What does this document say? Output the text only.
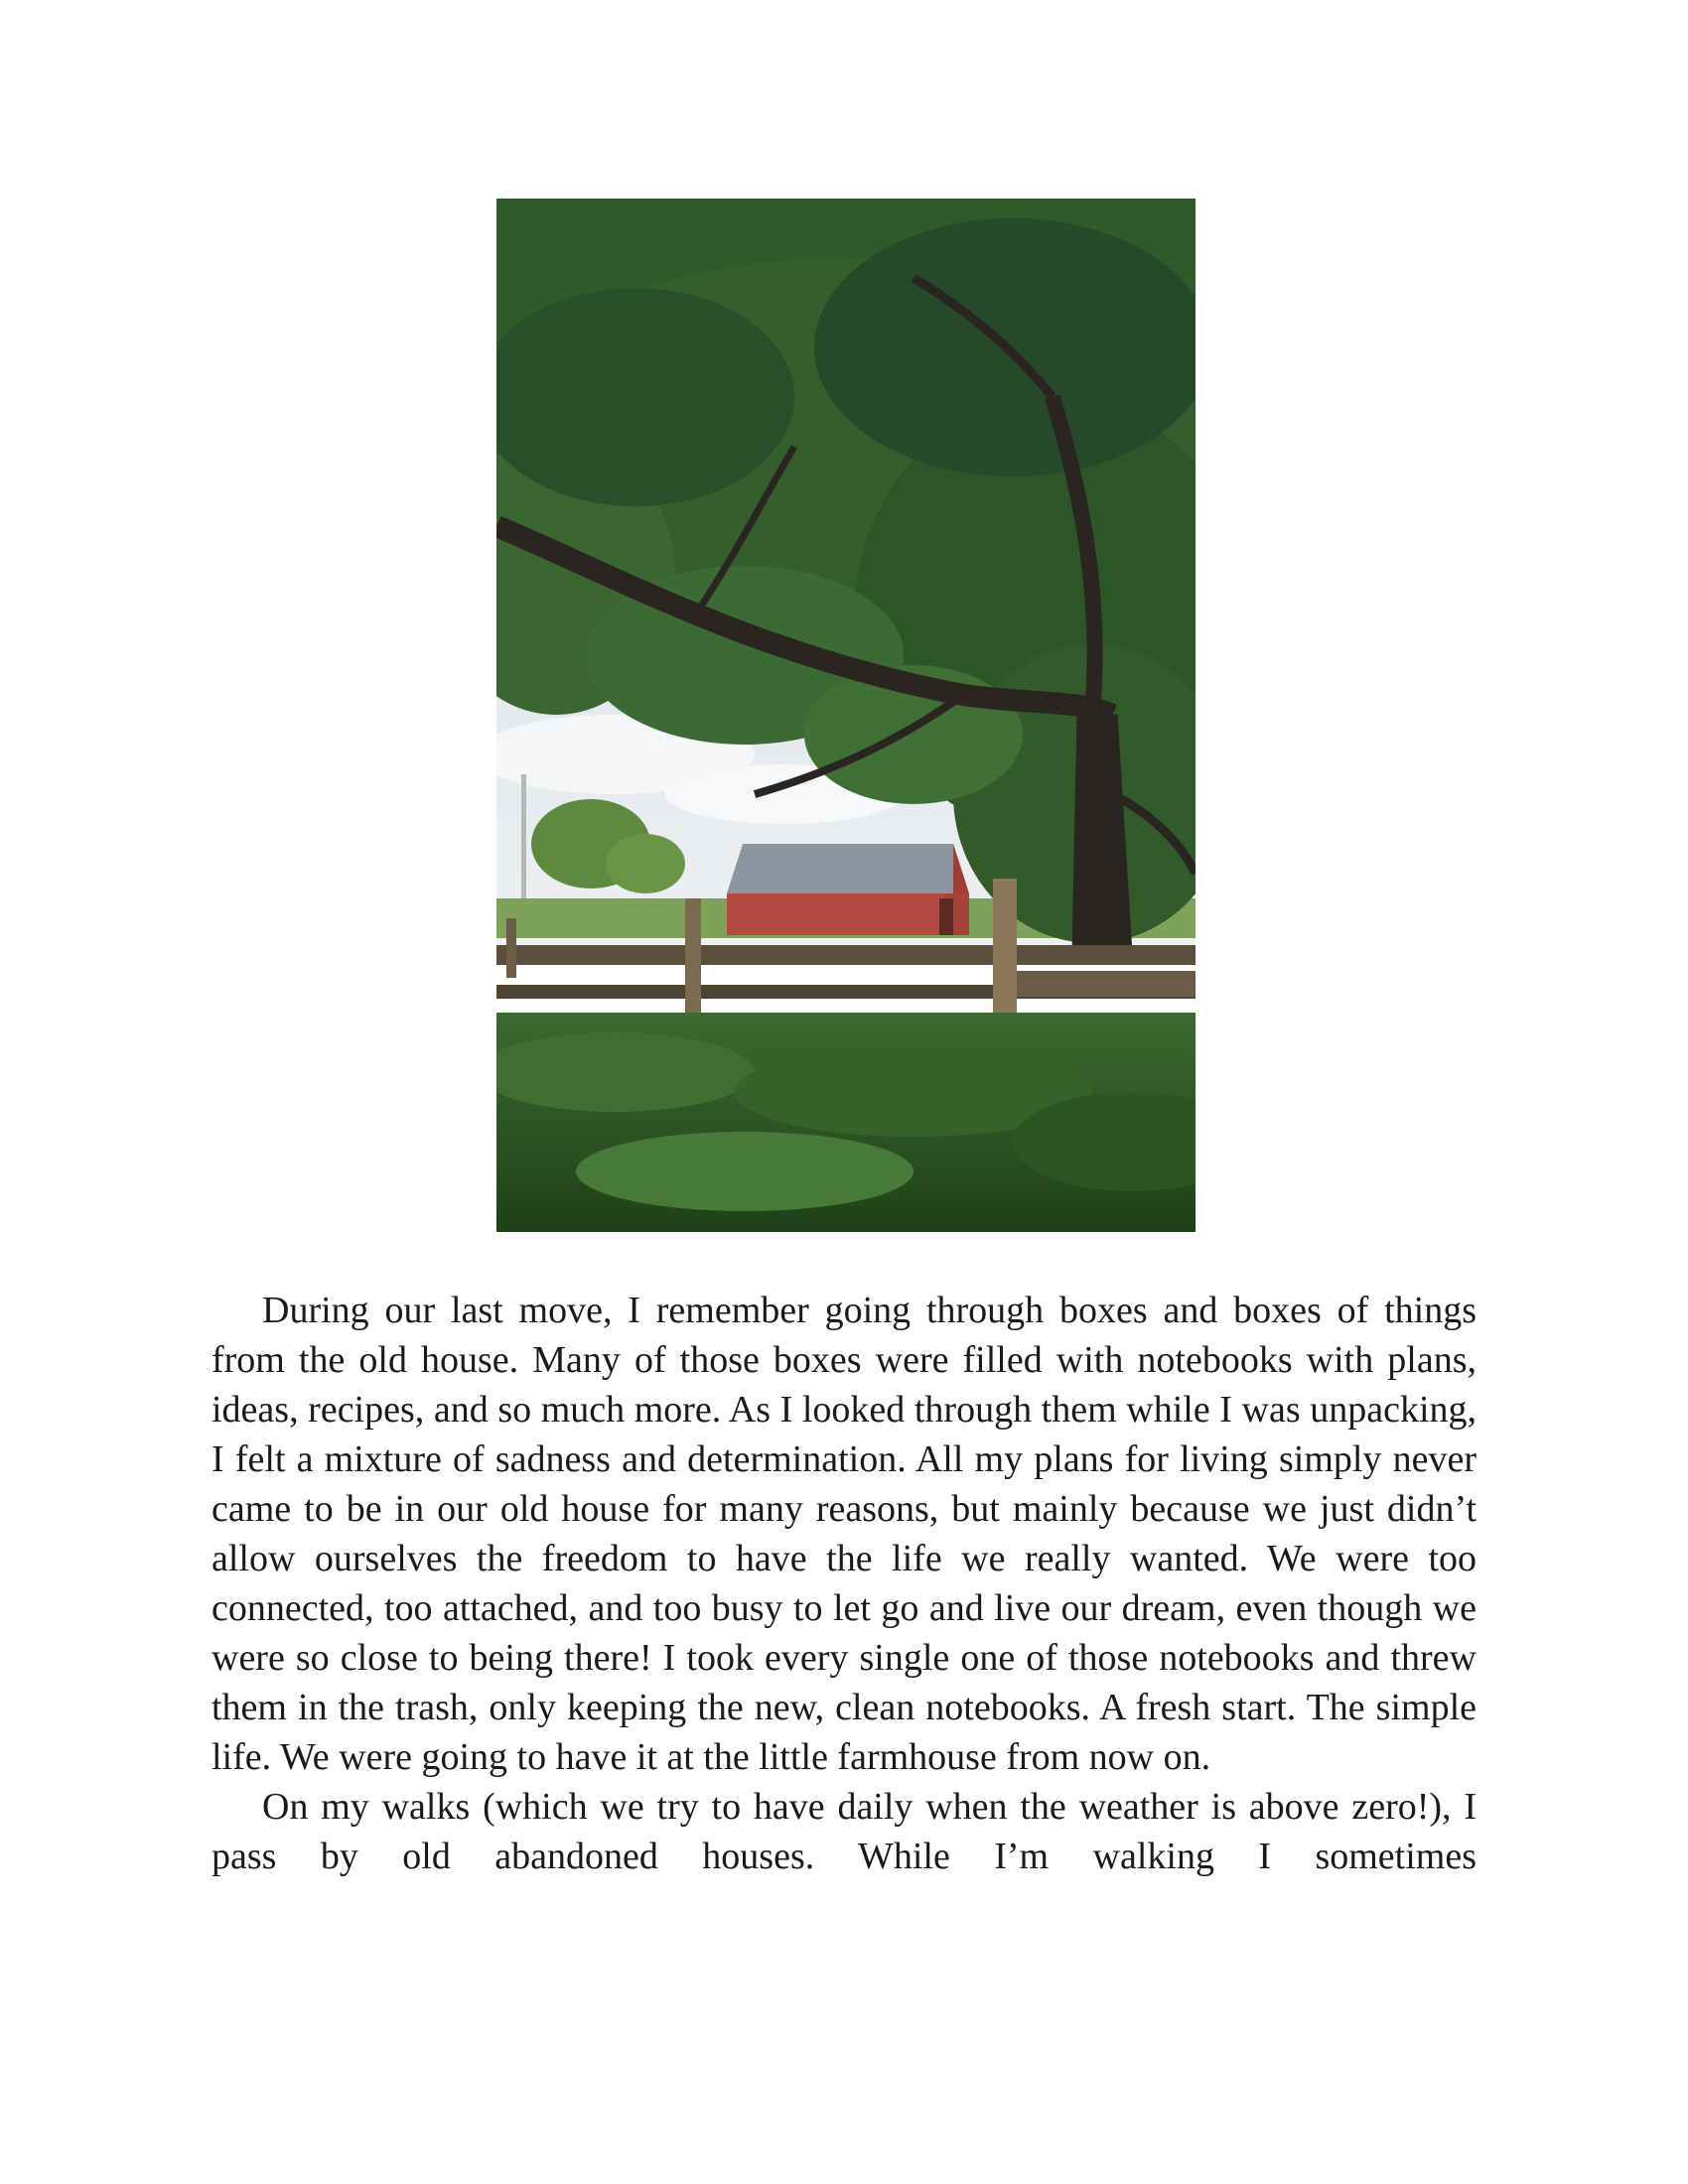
During our last move, I remember going through boxes and boxes of things from the old house. Many of those boxes were filled with notebooks with plans, ideas, recipes, and so much more. As I looked through them while I was unpacking, I felt a mixture of sadness and determination. All my plans for living simply never came to be in our old house for many reasons, but mainly because we just didn’t allow ourselves the freedom to have the life we really wanted. We were too connected, too attached, and too busy to let go and live our dream, even though we were so close to being there! I took every single one of those notebooks and threw them in the trash, only keeping the new, clean notebooks. A fresh start. The simple life. We were going to have it at the little farmhouse from now on.

On my walks (which we try to have daily when the weather is above zero!), I pass by old abandoned houses. While I’m walking I sometimes
